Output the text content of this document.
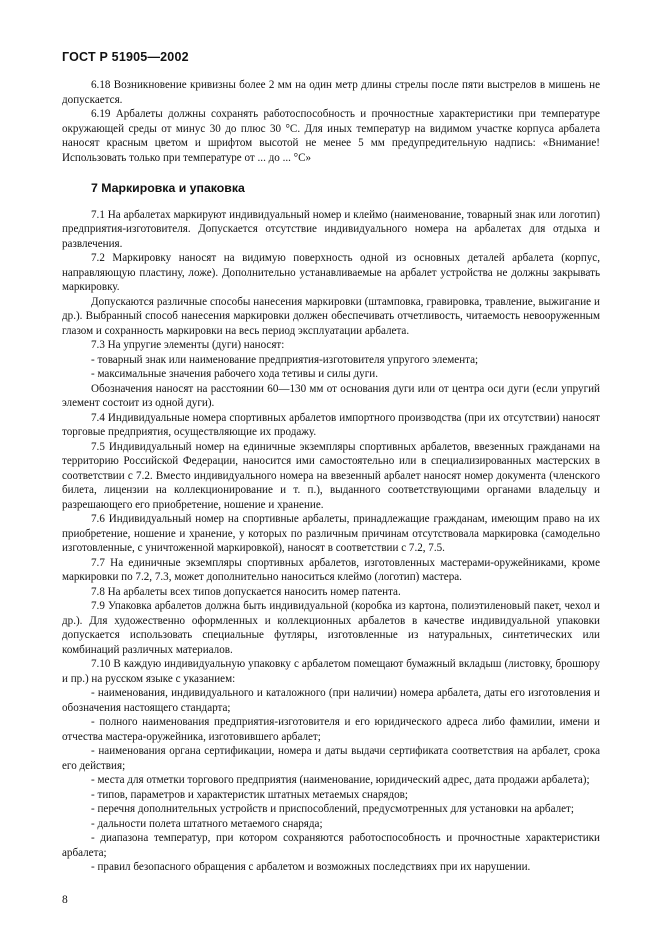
ГОСТ Р 51905—2002

6.18 Возникновение кривизны более 2 мм на один метр длины стрелы после пяти выстрелов в мишень не допускается.

6.19 Арбалеты должны сохранять работоспособность и прочностные характеристики при температуре окружающей среды от минус 30 до плюс 30 °С. Для иных температур на видимом участке корпуса арбалета наносят красным цветом и шрифтом высотой не менее 5 мм предупредительную надпись: «Внимание! Использовать только при температуре от ... до ... °С»

7 Маркировка и упаковка

7.1 На арбалетах маркируют индивидуальный номер и клеймо (наименование, товарный знак или логотип) предприятия-изготовителя. Допускается отсутствие индивидуального номера на арбалетах для отдыха и развлечения.

7.2 Маркировку наносят на видимую поверхность одной из основных деталей арбалета (корпус, направляющую пластину, ложе). Дополнительно устанавливаемые на арбалет устройства не должны закрывать маркировку.

Допускаются различные способы нанесения маркировки (штамповка, гравировка, травление, выжигание и др.). Выбранный способ нанесения маркировки должен обеспечивать отчетливость, читаемость невооруженным глазом и сохранность маркировки на весь период эксплуатации арбалета.

7.3 На упругие элементы (дуги) наносят:

- товарный знак или наименование предприятия-изготовителя упругого элемента;

- максимальные значения рабочего хода тетивы и силы дуги.

Обозначения наносят на расстоянии 60—130 мм от основания дуги или от центра оси дуги (если упругий элемент состоит из одной дуги).

7.4 Индивидуальные номера спортивных арбалетов импортного производства (при их отсутствии) наносят торговые предприятия, осуществляющие их продажу.

7.5 Индивидуальный номер на единичные экземпляры спортивных арбалетов, ввезенных гражданами на территорию Российской Федерации, наносится ими самостоятельно или в специализированных мастерских в соответствии с 7.2. Вместо индивидуального номера на ввезенный арбалет наносят номер документа (членского билета, лицензии на коллекционирование и т. п.), выданного соответствующими органами владельцу и разрешающего его приобретение, ношение и хранение.

7.6 Индивидуальный номер на спортивные арбалеты, принадлежащие гражданам, имеющим право на их приобретение, ношение и хранение, у которых по различным причинам отсутствовала маркировка (самодельно изготовленные, с уничтоженной маркировкой), наносят в соответствии с 7.2, 7.5.

7.7 На единичные экземпляры спортивных арбалетов, изготовленных мастерами-оружейниками, кроме маркировки по 7.2, 7.3, может дополнительно наноситься клеймо (логотип) мастера.

7.8 На арбалеты всех типов допускается наносить номер патента.

7.9 Упаковка арбалетов должна быть индивидуальной (коробка из картона, полиэтиленовый пакет, чехол и др.). Для художественно оформленных и коллекционных арбалетов в качестве индивидуальной упаковки допускается использовать специальные футляры, изготовленные из натуральных, синтетических или комбинаций различных материалов.

7.10 В каждую индивидуальную упаковку с арбалетом помещают бумажный вкладыш (листовку, брошюру и пр.) на русском языке с указанием:

- наименования, индивидуального и каталожного (при наличии) номера арбалета, даты его изготовления и обозначения настоящего стандарта;

- полного наименования предприятия-изготовителя и его юридического адреса либо фамилии, имени и отчества мастера-оружейника, изготовившего арбалет;

- наименования органа сертификации, номера и даты выдачи сертификата соответствия на арбалет, срока его действия;

- места для отметки торгового предприятия (наименование, юридический адрес, дата продажи арбалета);

- типов, параметров и характеристик штатных метаемых снарядов;

- перечня дополнительных устройств и приспособлений, предусмотренных для установки на арбалет;

- дальности полета штатного метаемого снаряда;

- диапазона температур, при котором сохраняются работоспособность и прочностные характеристики арбалета;

- правил безопасного обращения с арбалетом и возможных последствиях при их нарушении.

8
